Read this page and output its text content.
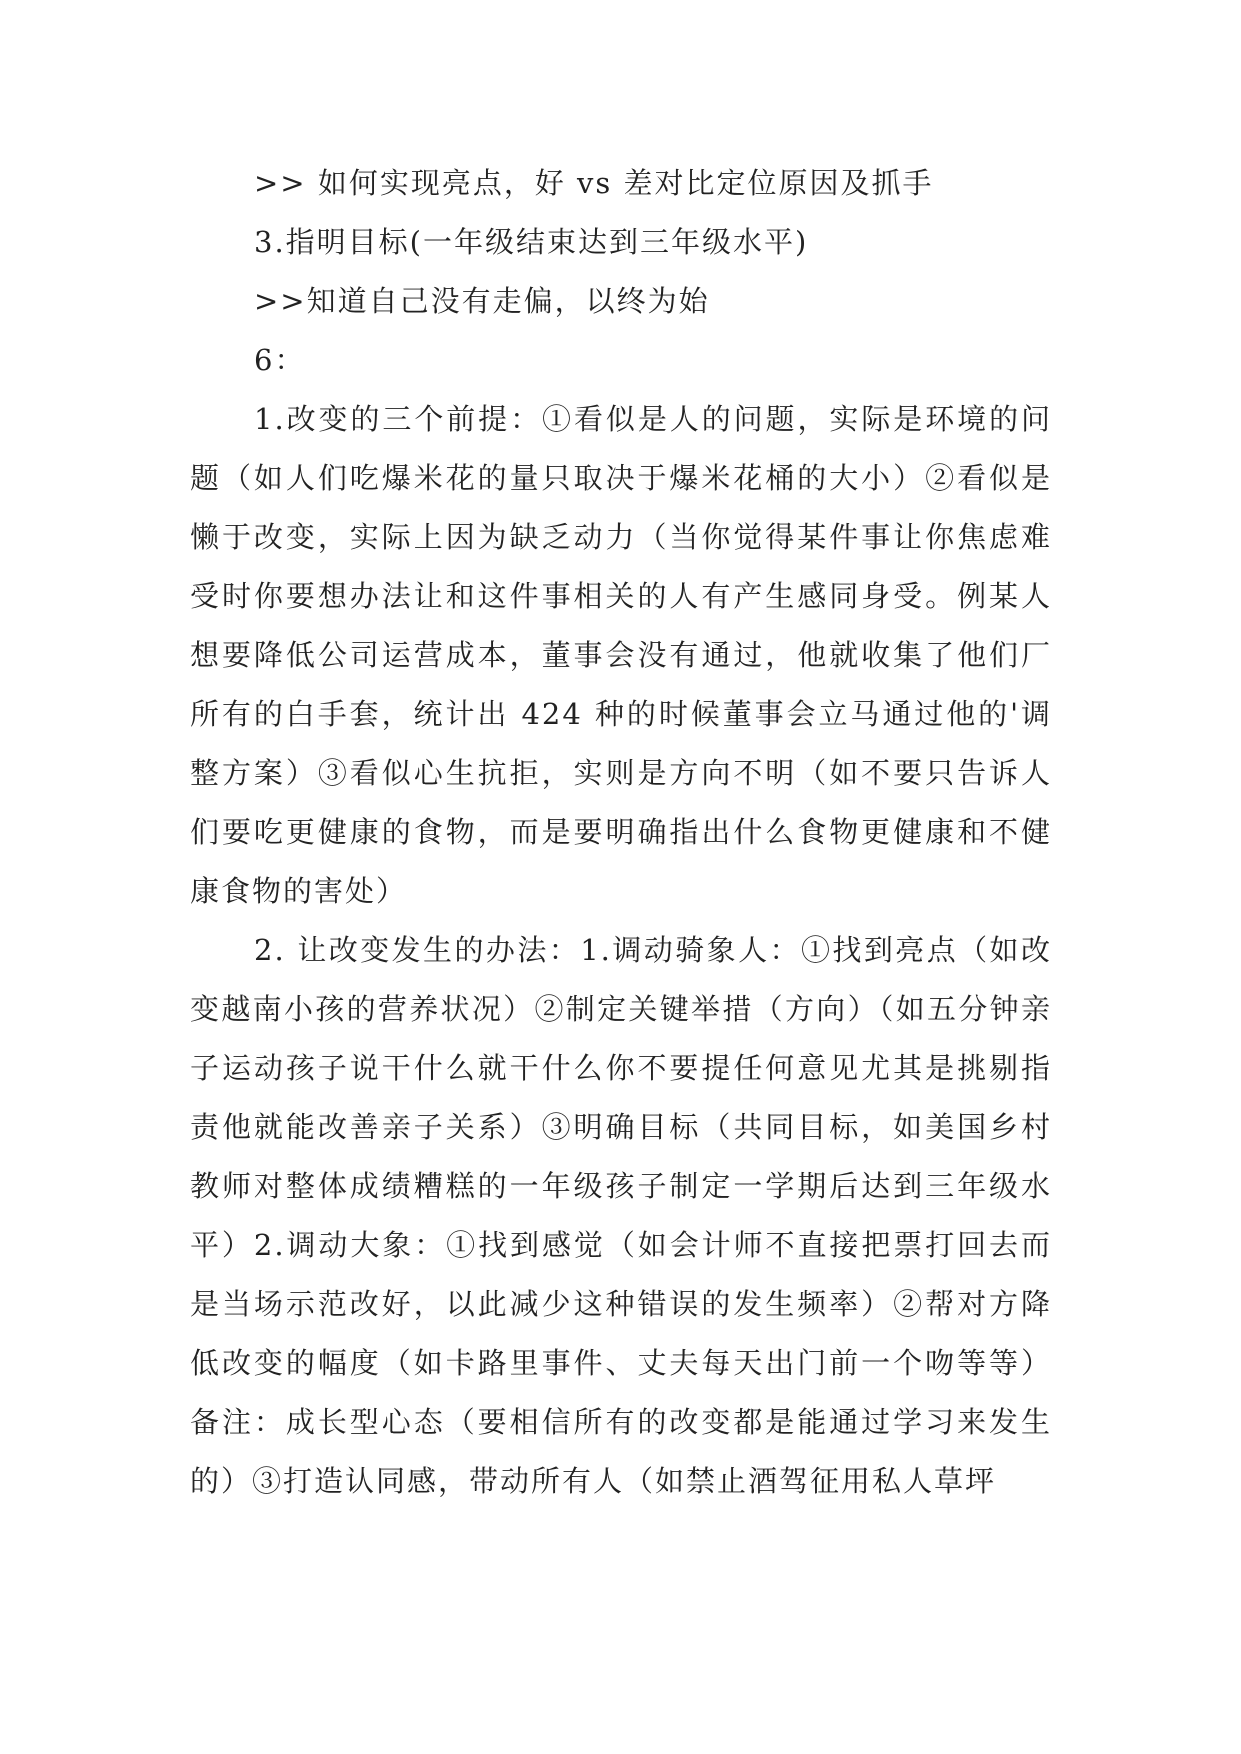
>> 如何实现亮点，好 vs 差对比定位原因及抓手

3.指明目标(一年级结束达到三年级水平)

>>知道自己没有走偏，以终为始

6：

1.改变的三个前提：①看似是人的问题，实际是环境的问题（如人们吃爆米花的量只取决于爆米花桶的大小）②看似是懒于改变，实际上因为缺乏动力（当你觉得某件事让你焦虑难受时你要想办法让和这件事相关的人有产生感同身受。例某人想要降低公司运营成本，董事会没有通过，他就收集了他们厂所有的白手套，统计出 424 种的时候董事会立马通过他的'调整方案）③看似心生抗拒，实则是方向不明（如不要只告诉人们要吃更健康的食物，而是要明确指出什么食物更健康和不健康食物的害处）

2. 让改变发生的办法：1.调动骑象人：①找到亮点（如改变越南小孩的营养状况）②制定关键举措（方向）（如五分钟亲子运动孩子说干什么就干什么你不要提任何意见尤其是挑剔指责他就能改善亲子关系）③明确目标（共同目标，如美国乡村教师对整体成绩糟糕的一年级孩子制定一学期后达到三年级水平）2.调动大象：①找到感觉（如会计师不直接把票打回去而是当场示范改好，以此减少这种错误的发生频率）②帮对方降低改变的幅度（如卡路里事件、丈夫每天出门前一个吻等等）备注：成长型心态（要相信所有的改变都是能通过学习来发生的）③打造认同感，带动所有人（如禁止酒驾征用私人草坪
